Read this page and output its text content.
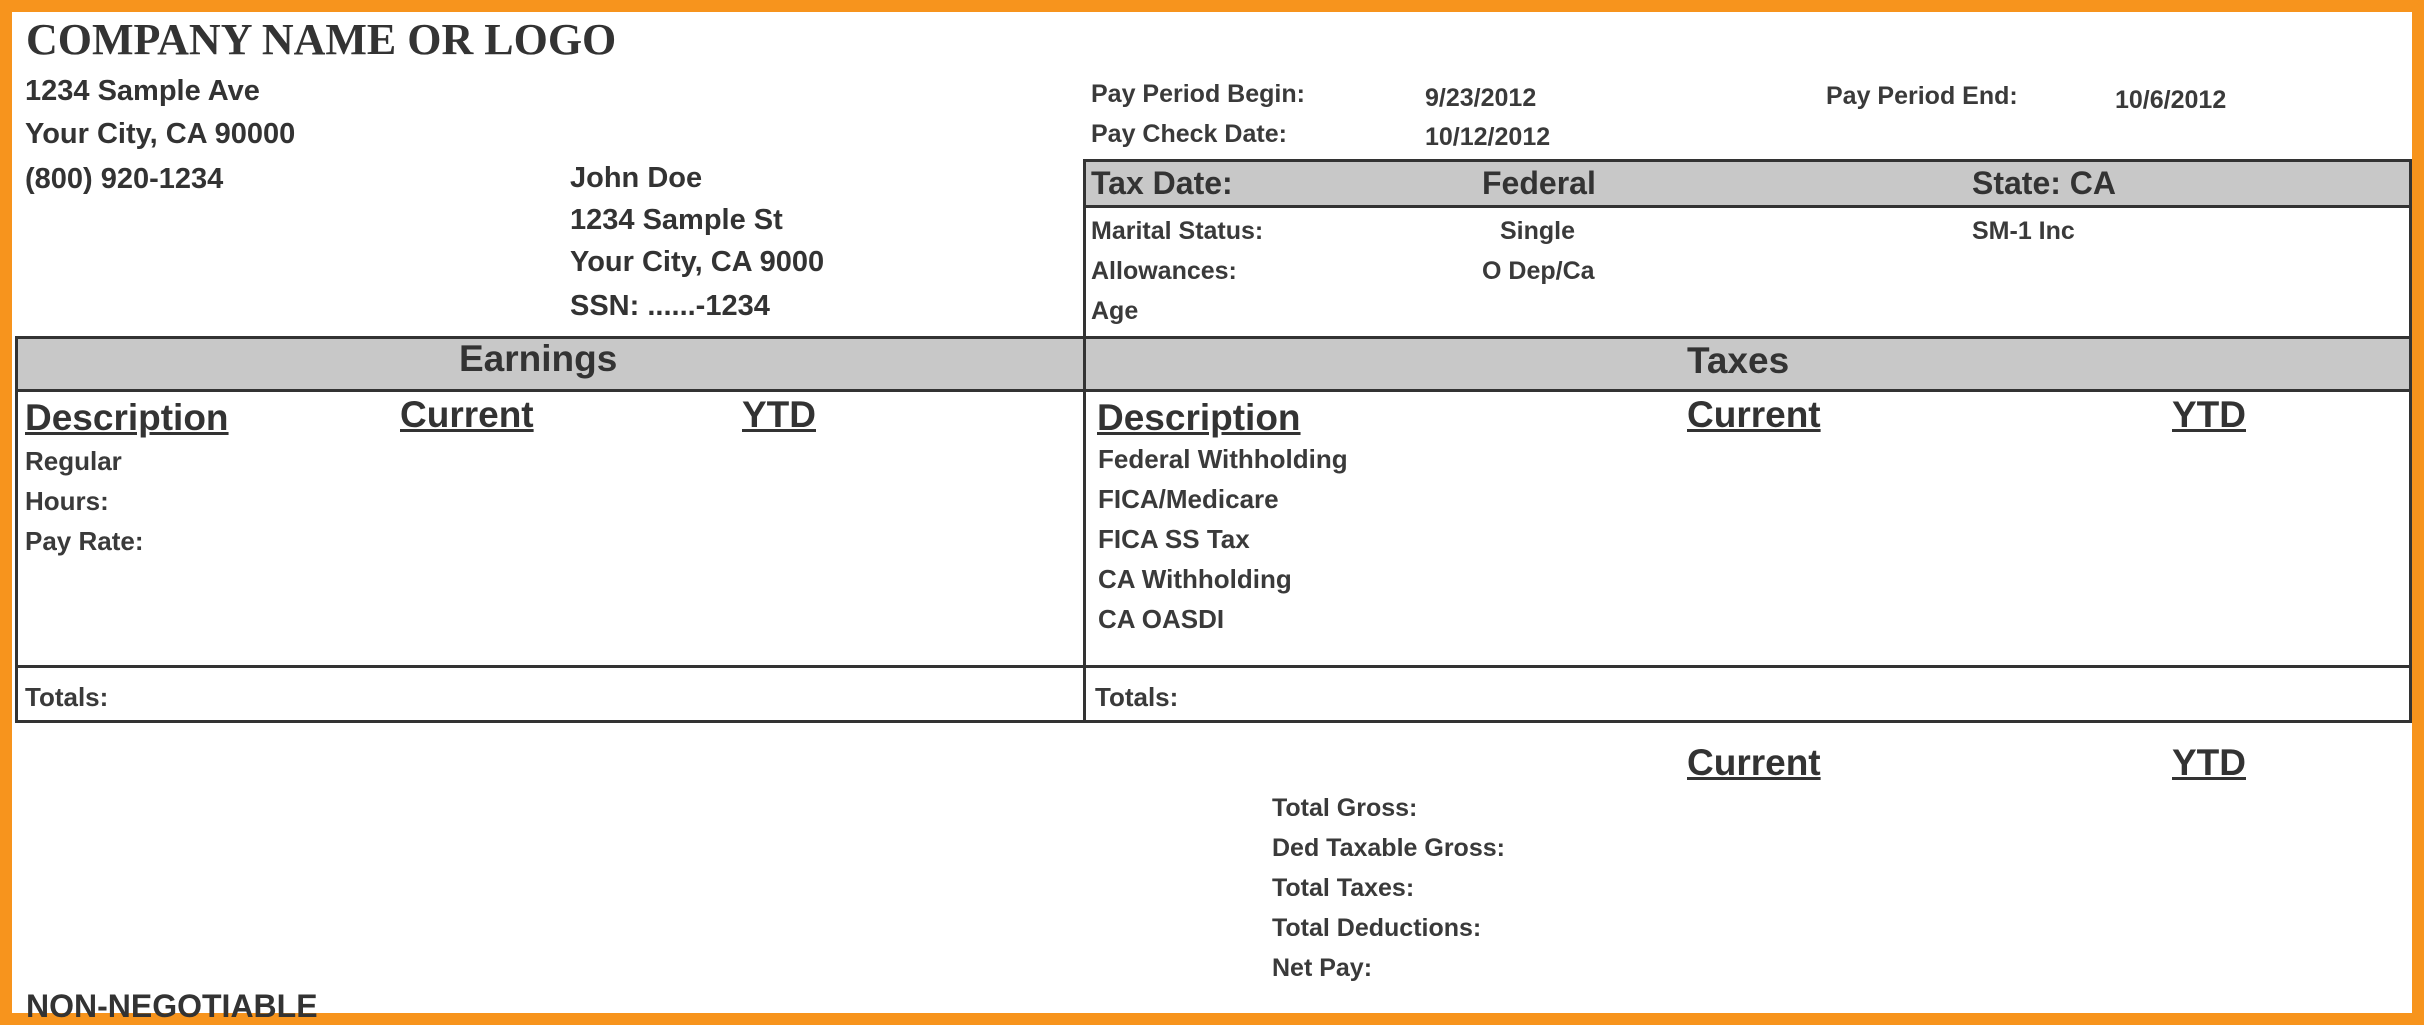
COMPANY NAME OR LOGO
1234 Sample Ave
Your City, CA 90000
(800) 920-1234	John Doe
1234 Sample St
Your City, CA 9000
SSN: ......-1234
Pay Period Begin:	9/23/2012	Pay Period End:	10/6/2012
Pay Check Date:	10/12/2012
Tax Date:	Federal	State: CA
Marital Status:	Single	SM-1 Inc
Allowances:	O Dep/Ca
Age
Earnings	Taxes
Description	Current	YTD
Regular
Hours:
Pay Rate:
Totals:
Description	Current	YTD
Federal Withholding
FICA/Medicare
FICA SS Tax
CA Withholding
CA OASDI
Totals:
Current	YTD
Total Gross:
Ded Taxable Gross:
Total Taxes:
Total Deductions:
Net Pay:
NON-NEGOTIABLE
